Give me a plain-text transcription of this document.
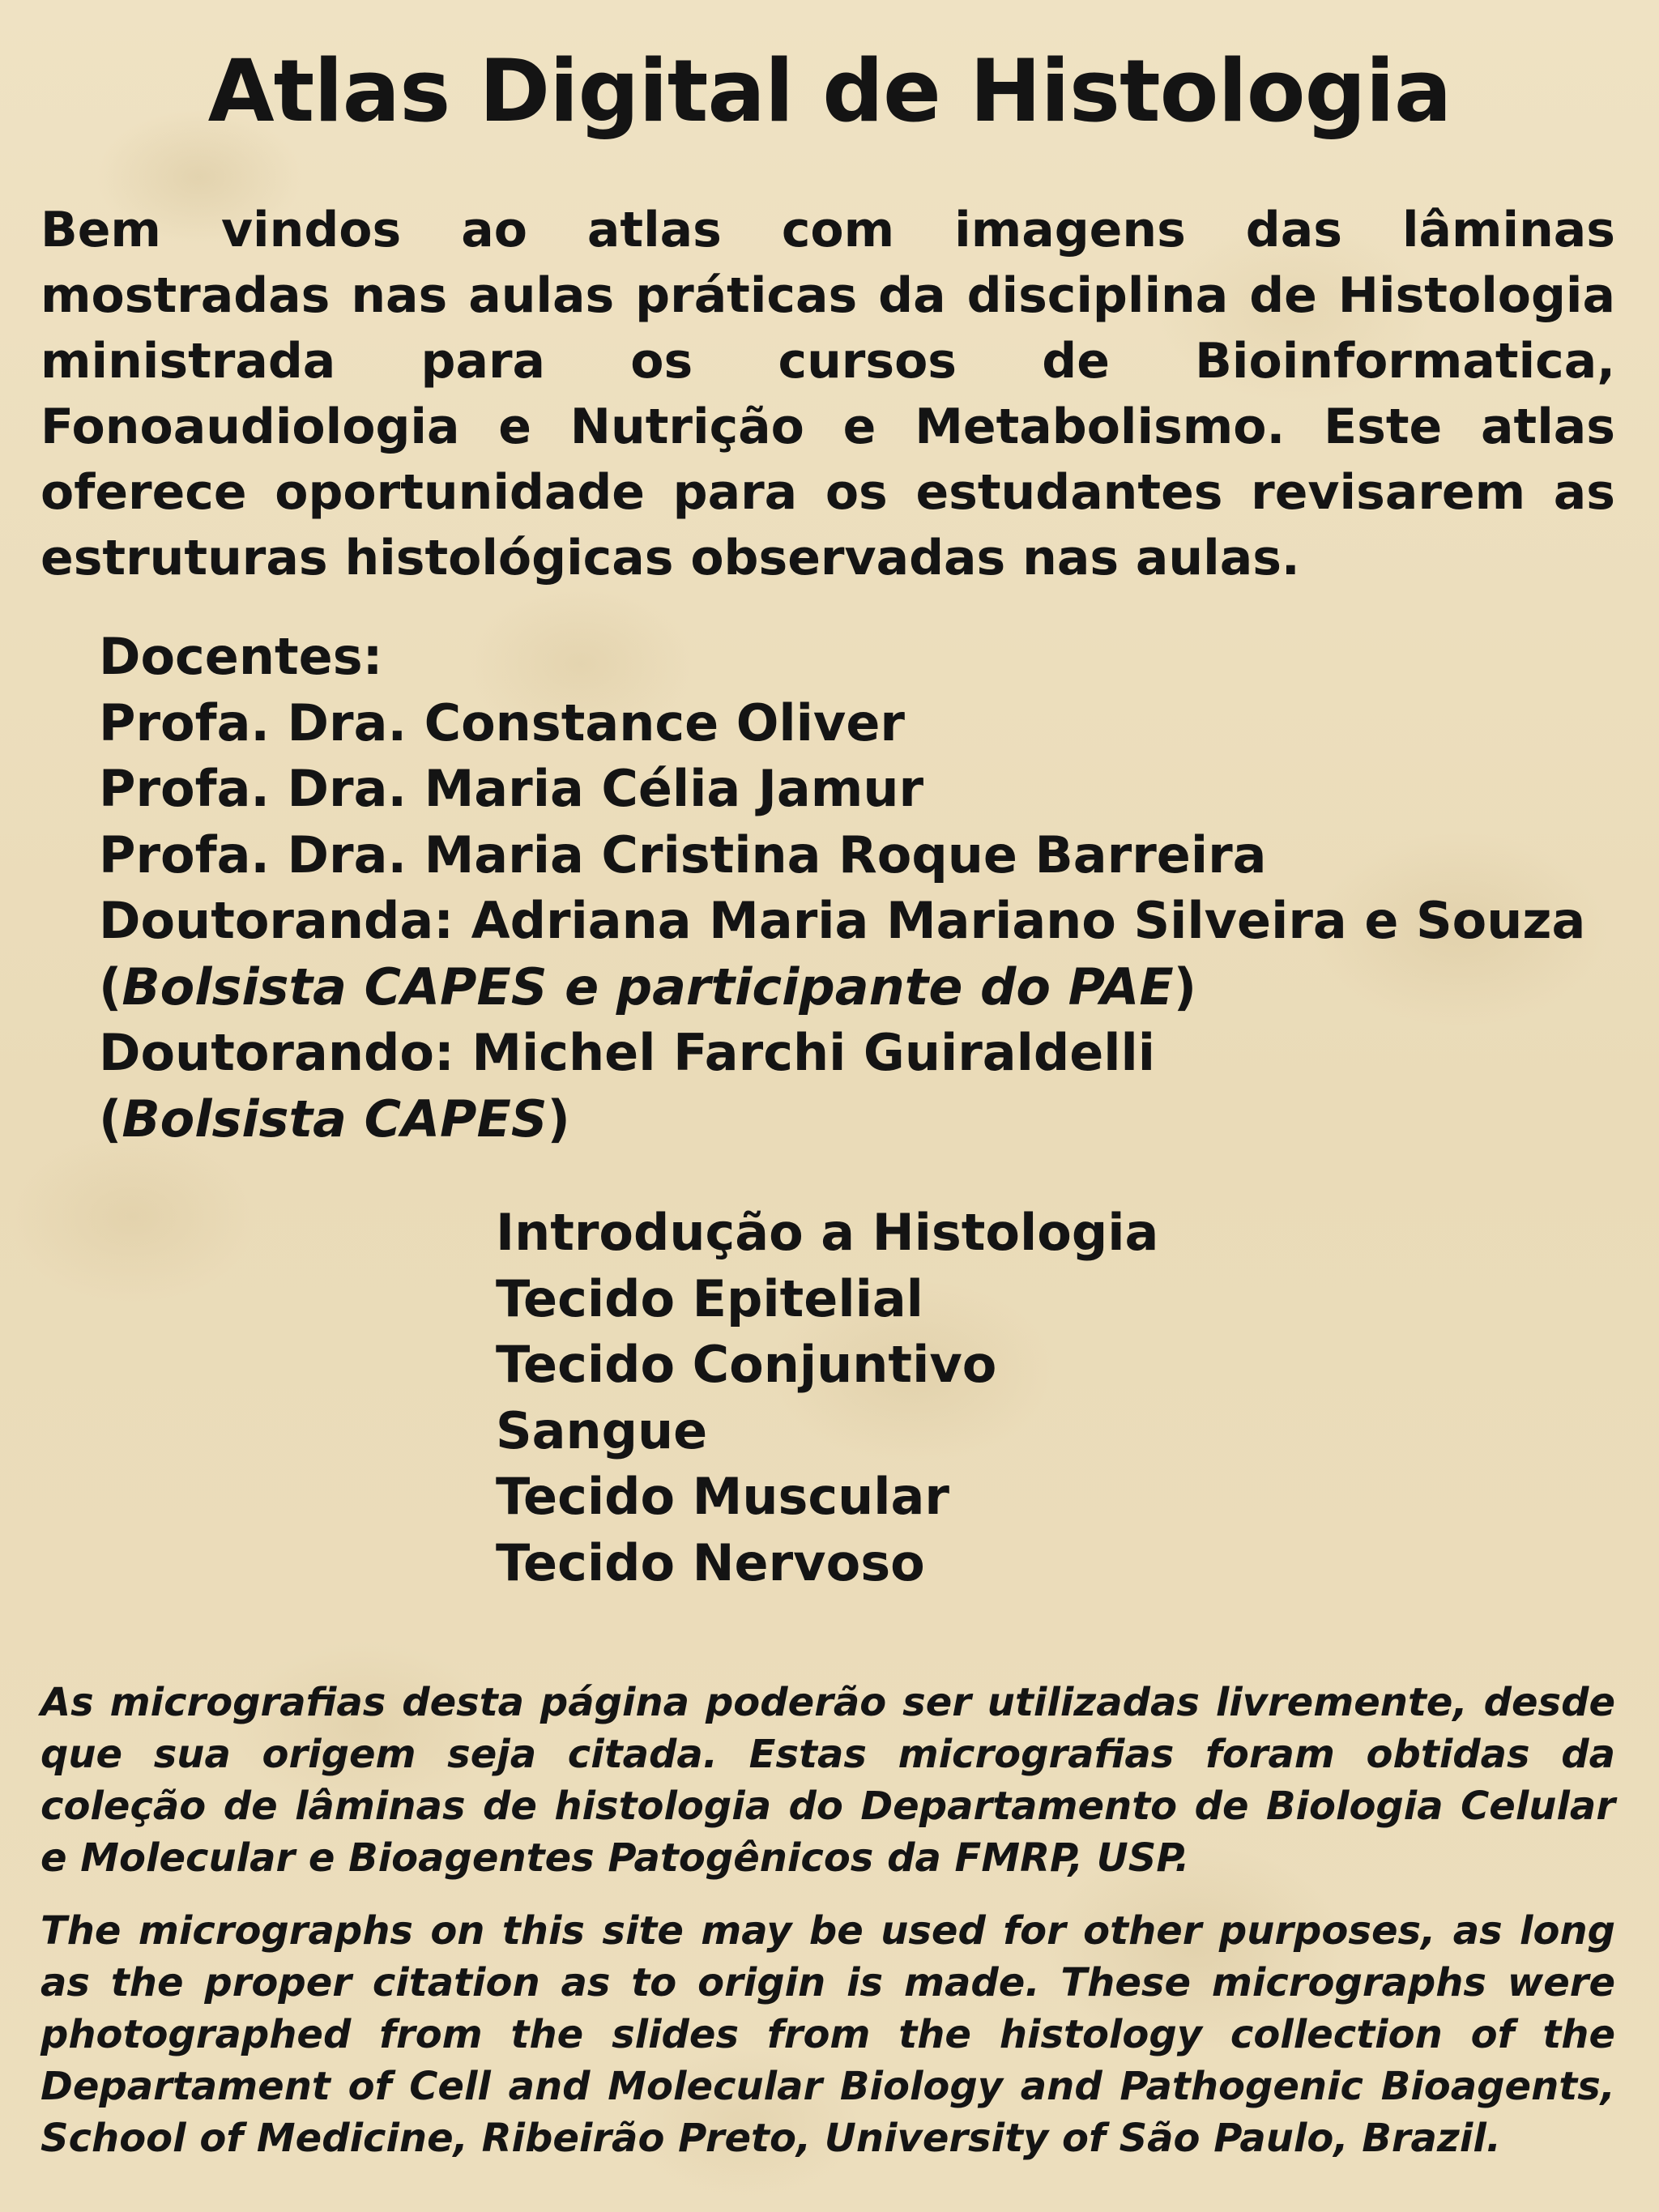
Atlas Digital de Histologia

Bem vindos ao atlas com imagens das lâminas mostradas nas aulas práticas da disciplina de Histologia ministrada para os cursos de Bioinformatica, Fonoaudiologia e Nutrição e Metabolismo. Este atlas oferece oportunidade para os estudantes revisarem as estruturas histológicas observadas nas aulas.

Docentes:
Profa. Dra. Constance Oliver
Profa. Dra. Maria Célia Jamur
Profa. Dra. Maria Cristina Roque Barreira
Doutoranda: Adriana Maria Mariano Silveira e Souza
(Bolsista CAPES e participante do PAE)
Doutorando: Michel Farchi Guiraldelli
(Bolsista CAPES)
Introdução a Histologia
Tecido Epitelial
Tecido Conjuntivo
Sangue
Tecido Muscular
Tecido Nervoso

As micrografias desta página poderão ser utilizadas livremente, desde que sua origem seja citada. Estas micrografias foram obtidas da coleção de lâminas de histologia do Departamento de Biologia Celular e Molecular e Bioagentes Patogênicos da FMRP, USP.

The micrographs on this site may be used for other purposes, as long as the proper citation as to origin is made. These micrographs were photographed from the slides from the histology collection of the Departament of Cell and Molecular Biology and Pathogenic Bioagents, School of Medicine, Ribeirão Preto, University of São Paulo, Brazil.
